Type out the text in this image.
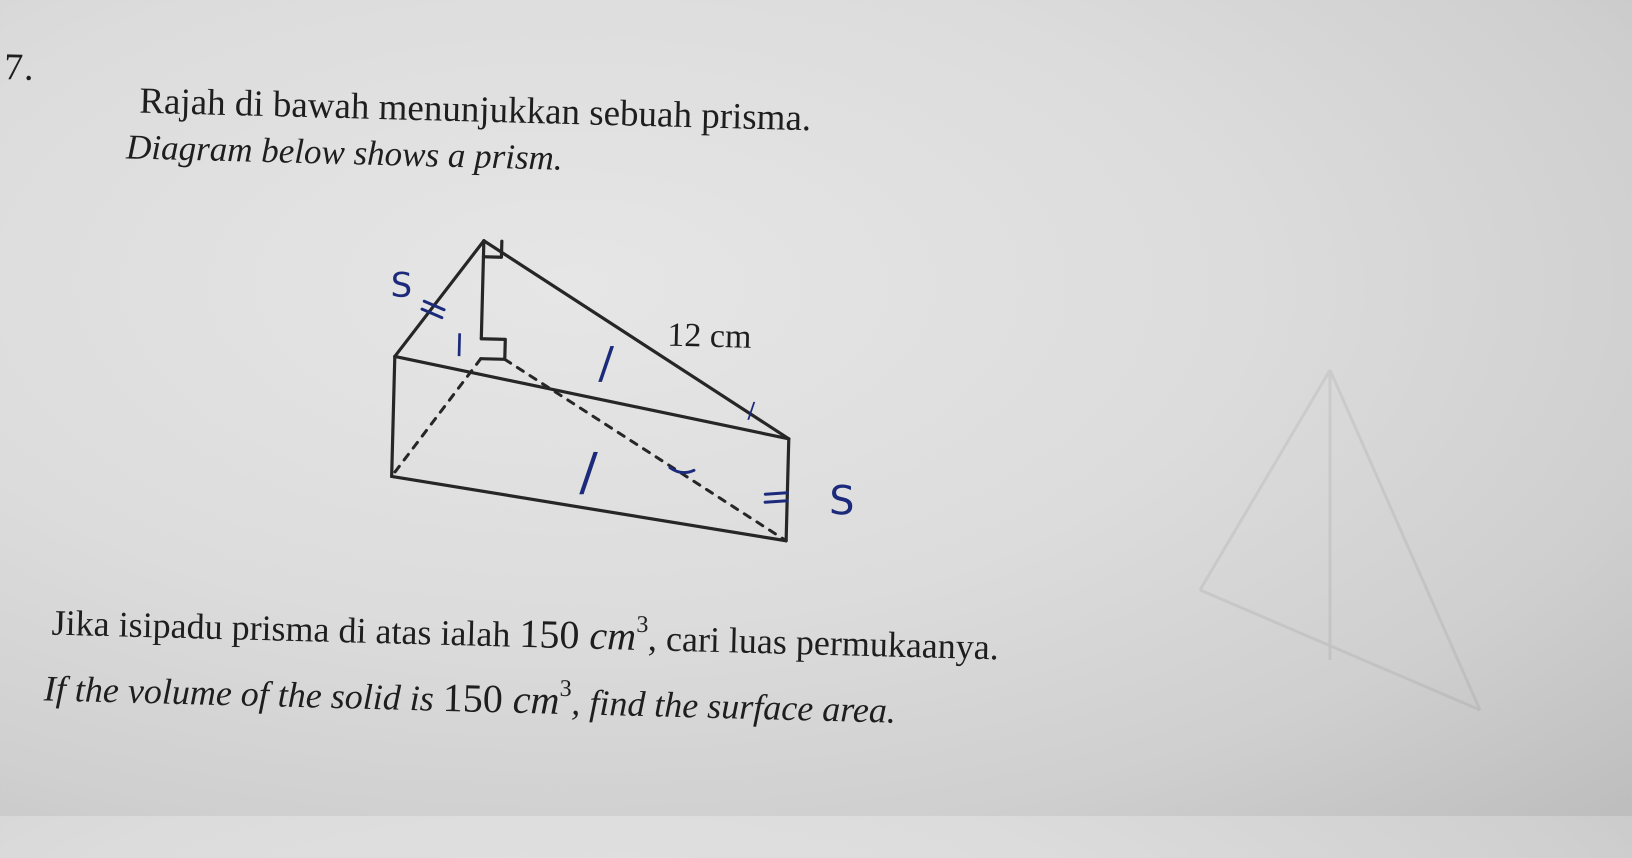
7.
Rajah di bawah menunjukkan sebuah prisma.
Diagram below shows a prism.
12 cm
S
S
l	/
/
/
Jika isipadu prisma di atas ialah 150 $cm^3$, cari luas permukaanya.
If the volume of the solid is 150 $cm^3$, find the surface area.
